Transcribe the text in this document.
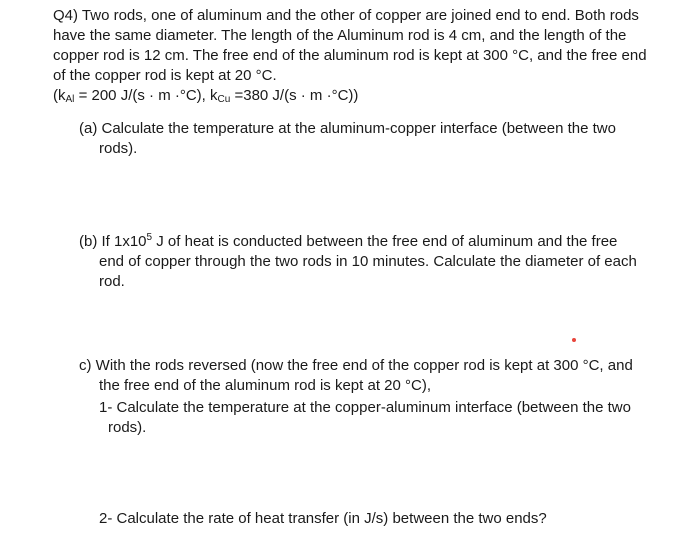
Q4) Two rods, one of aluminum and the other of copper are joined end to end. Both rods
have the same diameter. The length of the Aluminum rod is 4 cm, and the length of the
copper rod is 12 cm. The free end of the aluminum rod is kept at 300 °C, and the free end
of the copper rod is kept at 20 °C.
($k_{Al} = 200$ J/(s · m ·°C), $k_{Cu} =380$ J/(s · m ·°C))
(a) Calculate the temperature at the aluminum-copper interface (between the two
rods).
(b) If $1x10^5$ J of heat is conducted between the free end of aluminum and the free
end of copper through the two rods in 10 minutes. Calculate the diameter of each
rod.
c) With the rods reversed (now the free end of the copper rod is kept at 300 °C, and
the free end of the aluminum rod is kept at 20 °C),
1- Calculate the temperature at the copper-aluminum interface (between the two
rods).
2- Calculate the rate of heat transfer (in J/s) between the two ends?
